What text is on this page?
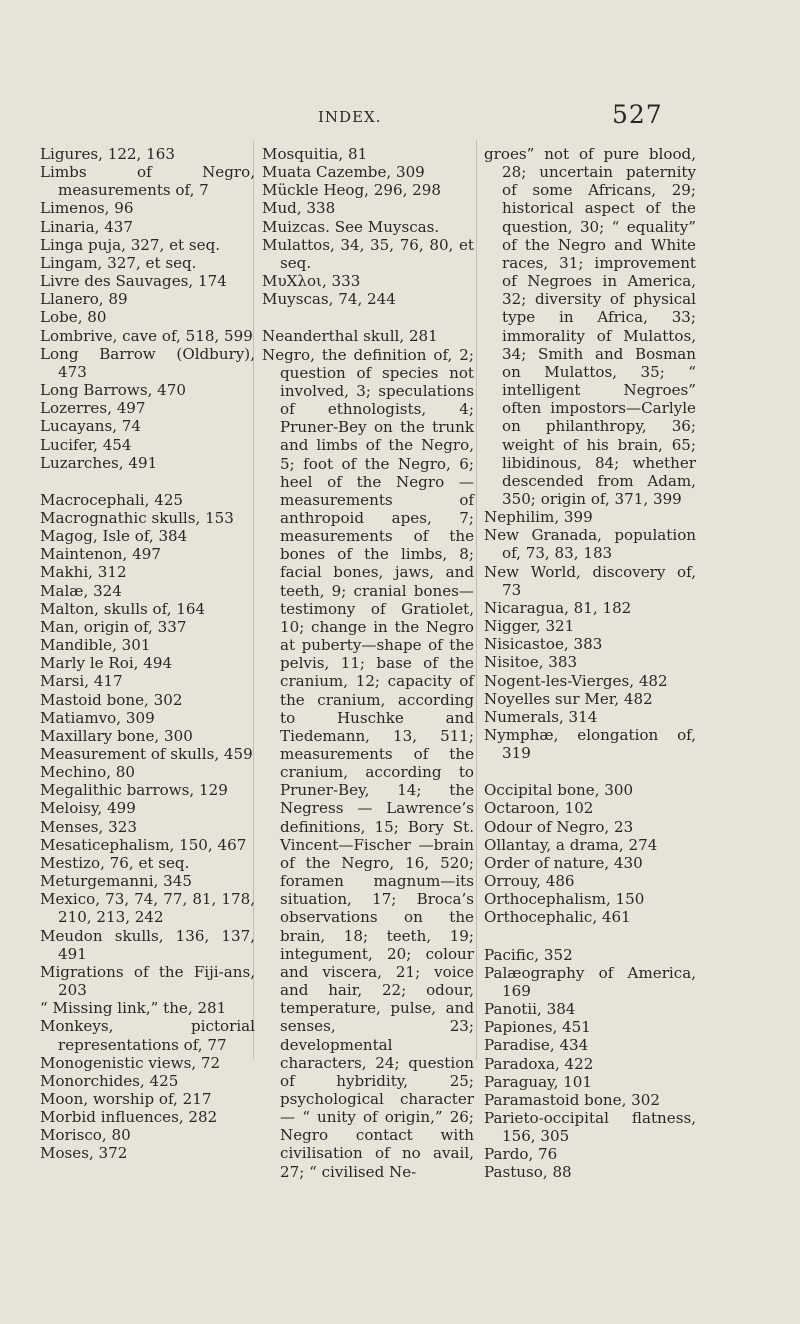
INDEX.	527
Ligures, 122, 163
Limbs of Negro, measurements of, 7
Limenos, 96
Linaria, 437
Linga puja, 327, et seq.
Lingam, 327, et seq.
Livre des Sauvages, 174
Llanero, 89
Lobe, 80
Lombrive, cave of, 518, 599
Long Barrow (Oldbury), 473
Long Barrows, 470
Lozerres, 497
Lucayans, 74
Lucifer, 454
Luzarches, 491
Macrocephali, 425
Macrognathic skulls, 153
Magog, Isle of, 384
Maintenon, 497
Makhi, 312
Malæ, 324
Malton, skulls of, 164
Man, origin of, 337
Mandible, 301
Marly le Roi, 494
Marsi, 417
Mastoid bone, 302
Matiamvo, 309
Maxillary bone, 300
Measurement of skulls, 459
Mechino, 80
Megalithic barrows, 129
Meloisy, 499
Menses, 323
Mesaticephalism, 150, 467
Mestizo, 76, et seq.
Meturgemanni, 345
Mexico, 73, 74, 77, 81, 178, 210, 213, 242
Meudon skulls, 136, 137, 491
Migrations of the Fiji-ans, 203
“ Missing link,” the, 281
Monkeys, pictorial representations of, 77
Monogenistic views, 72
Monorchides, 425
Moon, worship of, 217
Morbid influences, 282
Morisco, 80
Moses, 372
Mosquitia, 81
Muata Cazembe, 309
Mückle Heog, 296, 298
Mud, 338
Muizcas. See Muyscas.
Mulattos, 34, 35, 76, 80, et seq.
ΜυΧλοι, 333
Muyscas, 74, 244
Neanderthal skull, 281
Negro, the definition of, 2; question of species not involved, 3; speculations of ethnologists, 4; Pruner-Bey on the trunk and limbs of the Negro, 5; foot of the Negro, 6; heel of the Negro — measurements of anthropoid apes, 7; measurements of the bones of the limbs, 8; facial bones, jaws, and teeth, 9; cranial bones—testimony of Gratiolet, 10; change in the Negro at puberty—shape of the pelvis, 11; base of the cranium, 12; capacity of the cranium, according to Huschke and Tiedemann, 13, 511; measurements of the cranium, according to Pruner-Bey, 14; the Negress — Lawrence’s definitions, 15; Bory St. Vincent—Fischer —brain of the Negro, 16, 520; foramen magnum—its situation, 17; Broca’s observations on the brain, 18; teeth, 19; integument, 20; colour and viscera, 21; voice and hair, 22; odour, temperature, pulse, and senses, 23; developmental characters, 24; question of hybridity, 25; psychological character — “ unity of origin,” 26; Negro contact with civilisation of no avail, 27; “ civilised Ne-
groes” not of pure blood, 28; uncertain paternity of some Africans, 29; historical aspect of the question, 30; “ equality” of the Negro and White races, 31; improvement of Negroes in America, 32; diversity of physical type in Africa, 33; immorality of Mulattos, 34; Smith and Bosman on Mulattos, 35; “ intelligent Negroes” often impostors—Carlyle on philanthropy, 36; weight of his brain, 65; libidinous, 84; whether descended from Adam, 350; origin of, 371, 399
Nephilim, 399
New Granada, population of, 73, 83, 183
New World, discovery of, 73
Nicaragua, 81, 182
Nigger, 321
Nisicastoe, 383
Nisitoe, 383
Nogent-les-Vierges, 482
Noyelles sur Mer, 482
Numerals, 314
Nymphæ, elongation of, 319
Occipital bone, 300
Octaroon, 102
Odour of Negro, 23
Ollantay, a drama, 274
Order of nature, 430
Orrouy, 486
Orthocephalism, 150
Orthocephalic, 461
Pacific, 352
Palæography of America, 169
Panotii, 384
Papiones, 451
Paradise, 434
Paradoxa, 422
Paraguay, 101
Paramastoid bone, 302
Parieto-occipital flatness, 156, 305
Pardo, 76
Pastuso, 88
